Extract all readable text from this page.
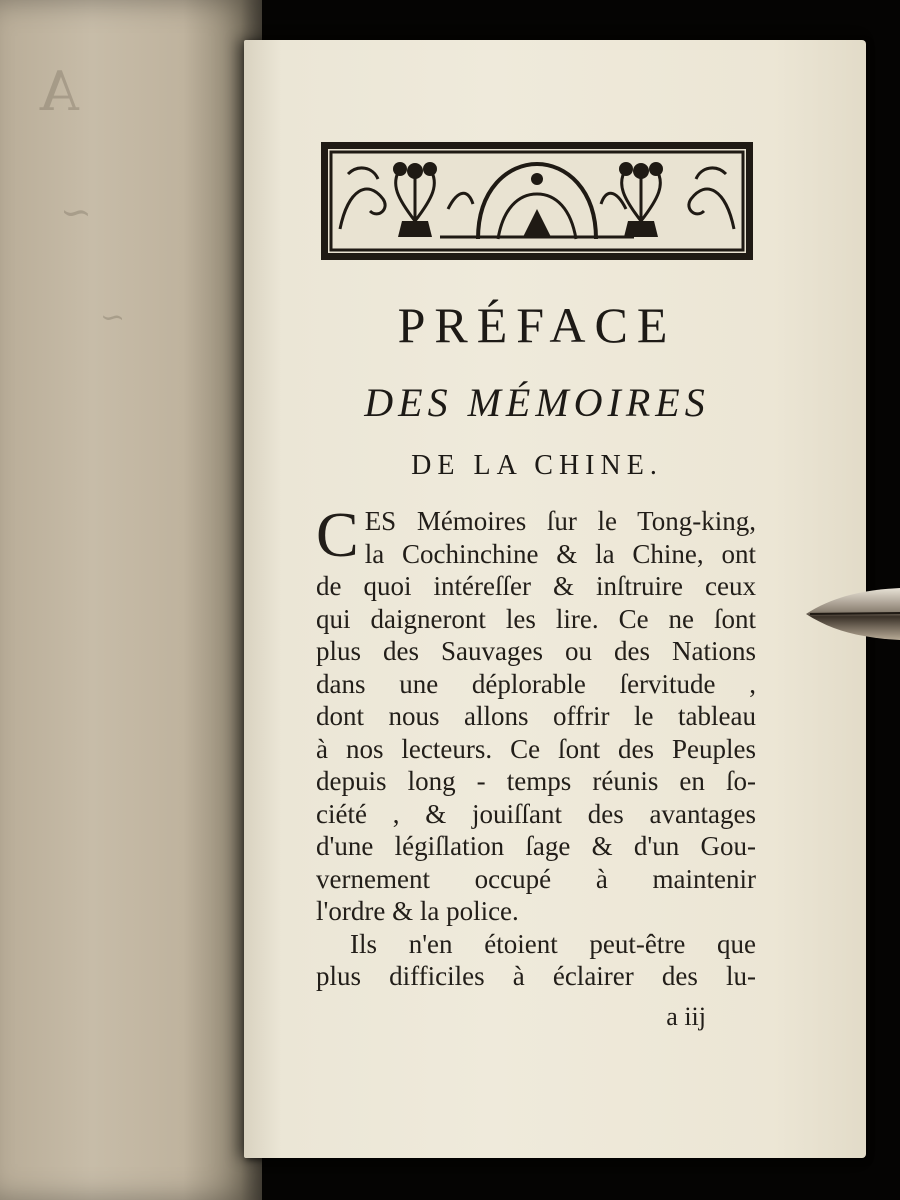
A
~
~	PRÉFACE
DES MÉMOIRES
DE LA CHINE.
CES Mémoires ſur le Tong-king,
la Cochinchine & la Chine, ont
de quoi intéreſſer & inſtruire ceux
qui daigneront les lire. Ce ne ſont
plus des Sauvages ou des Nations
dans une déplorable ſervitude ,
dont nous allons offrir le tableau
à nos lecteurs. Ce ſont des Peuples
depuis long - temps réunis en ſo-
ciété , & jouiſſant des avantages
d'une légiſlation ſage & d'un Gou-
vernement occupé à maintenir
l'ordre & la police.
Ils n'en étoient peut-être que
plus difficiles à éclairer des lu-
a iij
